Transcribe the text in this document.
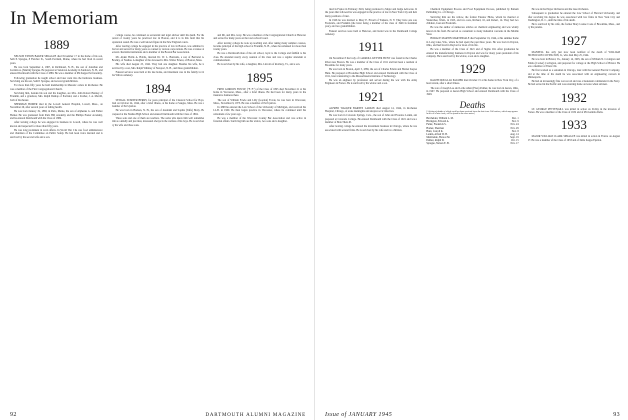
In Memoriam
1889

NELSON EDWIN BAKER SPRAGUE died November 17 in the home of his son, Seth P. Sprague, 8 Fletcher St., South Portland, Maine, where he had lived in recent years.

He was born September 4, 1867, in Richmond, N. H., the son of Jonathan and Lucinda A. (Martin) Sprague. He prepared at Sandown Academy in Sandown, N. H., and entered Dartmouth with the Class of 1889. He was a member of Phi Kappa Psi fraternity.

Following graduation he taught school and later went into the hardware business. Surviving are his son, Seth P. Sprague, and several grandchildren.

For more than fifty years he held membership in Masonic orders in Rochester. He was a member of the First Congregational Church.

Surviving him, besides his son and his daughter, are Mrs. John Robert Henney of Franklin, and a grandson, Mrs. Ralph Dunlap of Portland, and a brother, J. A. Merrill, both of Rochester.

SHERMAN HOMER died in the Lowell General Hospital, Lowell, Mass., on November 29, after several years of failing health.

He was born January 19, 1868, in Paris, Maine, the son of Alphenus G. and Esther Homer. He was graduated from Paris Hill Academy and the Phillips Exeter Academy, and he entered Dartmouth with the Class of 1889.

After leaving college he was engaged in business in Lowell, where he was well known and respected for more than fifty years.

He was long prominent in town affairs. In World War I he was food administrator and chairman of the Committee on Public Safety. He had been twice married and is survived by his second wife and a son.

college course, he continued as secretarial and legal adviser until his death. For the period of twenty years he practiced law in Boston, and it is in this field that his reputation rested. He was a well known figure in the New England courts.

After leaving college he engaged in the practice of law in Boston, was admitted to the bar and served for many years as counsel to various corporations. He was a trustee of several charitable institutions and a member of the Boston Bar Association.

Mr. Alden Hollis A. Hobbs, married Dr. W. L. Burnside, a son of Bertrand A. Bradley, of Nashua. A daughter of the deceased is Mrs. Walter Ernest, of Boston, Mass.

His wife died August 25, 1942. They had one daughter. Besides his wife, he is survived by a son, Mrs. Ralph Whitney of Newport, N. H., and three grandchildren.

Funeral services were held at his late home, and interment was in the family lot in the Wilton cemetery.

1894

SEWALL SUMNER BERRY, for years principal of the Classical School for Boys, died on October 24, 1944, after a brief illness, at his home at Saugus, Mass. He was a member of Psi Upsilon.

He was born in Hudson, N. H., the son of Jeremiah and Sophia (Tufts) Berry. He prepared at the Nashua High School and entered Dartmouth with the Class of 1894.

Three sons and one of them are teachers. The some who knew him well remember him as a kindly and just man, interested always in the welfare of his boys. He is survived by his wife and three sons.

and Mr. and Mrs. Gray. He was a member of the Congregational Church at Hanover and served for many years on the town school board.

After leaving college he took up teaching and, after taking many summer courses, became principal of the high school at Franklin, N. H., where he remained for more than twenty years.

He was a Dartmouth man of the old school, loyal to the College and faithful to his class. He attended nearly every reunion of his class and was a regular attendant at commencement.

He is survived by his wife, a daughter, Mrs. Lincoln of Roxbury, Vt., and a son.

1895

FRED GORDON FOWLE ("F. F.") of the Class of 1895 died November 21 at his home in Worcester, Mass., after a brief illness. He had been for many years in the insurance business there.

The son of William Fowle and Lilly (Gordon) Fowle, he was born in Worcester, Mass., November 9, 1873. He was a member of Psi Upsilon.

In 1898 he entered the Law School of the University of Michigan, and received his LL.B. in 1900. He then began practice in Worcester, where he continued until his retirement a few years ago.

He was a member of the Worcester County Bar Association and was active in fraternal affairs. Surviving him are his widow, two sons and a daughter.

92	DARTMOUTH ALUMNI MAGAZINE

tired in France in February 1919, being promoted to Major and Judge Advocate. In the years that followed he was engaged in the practice of law in New York City and held many positions of trust.

In 1926 he was married to Mary E. Elwell of Yonkers, N. Y. They have one son, Frederick, and Franklin (the latter being a member of the class of 1946 in freshman year), and two grandchildren.

Funeral services were held at Hanover, and burial was in the Dartmouth College cemetery.

1911

On November 8 the body of CARROLL KEYSER HUNT was found in the Charles River near Boston. He was a member of the Class of 1911 and had been a resident of Brookline for many years.

He was born in Boston, April 5, 1889, the son of Charles Edwin and Harriet Keyser Hunt. He prepared at Brookline High School and entered Dartmouth with the Class of 1911, later transferring to the Massachusetts Institute of Technology.

He was an engineer by profession and served during the war with the Army Engineers in France. He is survived by his widow and a son.

1921

ALFRED WALKER BARNES LARKIN died August 14, 1944, in Rochester Hospital, Chicago, of acute meningitis and streptococcic infection.

He was born in Colorado Springs, Colo., the son of John and Florence Larkin, and prepared at Colorado College. He entered Dartmouth with the Class of 1921 and was a member of Beta Theta Pi.

After leaving college he entered the investment business in Chicago, where he was associated with several firms. He is survived by his wife and two children.

Chemical Equipment Process and Food Equipment Process, published by Putnam Publishing Co. of Chicago.

Surviving him are his widow, the former Eleanor Hicks, whom he married at Wenatchee, Wash., in 1925, and two sons, Richard, 16, and Robert, 14. They had two children, Joan and Frederick.

He was the author of numerous articles on chemical engineering and was widely known in his field. He served as consultant to many industrial concerns in the Middle West.

HORACE MARTIN MARTINDALE died September 19, 1944, at his summer home in Long Lake, Wis., where he had spent the past three years. He was born in Dayton, Ohio, and had lived in Dayton for most of his life.

He was a member of the Class of 1921 and of Sigma Chi. After graduation he entered the manufacturing business in Dayton and was for many years president of his company. He is survived by his widow, a son and a daughter.

1929

RALPH DOUGLAS PALMER died October 15 at his home in New York City, of a heart attack, after a short illness.

The son of Joseph Lee and Lottie Allen (Fries) Palmer, he was born in Akron, Ohio, in 1907. He prepared at Akron High School and entered Dartmouth with the Class of 1929.

Deaths
[A listing of deaths of which word has been received since the last issue. Full notices, which may appear in this or a later issue, will be found in the class notes.]
Batchelder, William L. M.	Dec. 1
Blomgren, Edward A.	Nov. 9
Fuller, Frederick S.	Nov. 24
Homer, Sherman	Nov. 29
Hunt, Carroll K.	Nov. 8
Larkin, Alfred W. B.	Aug. 14
Martindale, Horace M.	Sept. 19
Palmer, Ralph D.	Oct. 15
Sprague, Nelson E. B.	Nov. 17

He was in the Player Orchestra and the Glee Orchestra.

Subsequent to graduation he entered the Law School of Harvard University, and after receiving his degree he was associated with law firms in New York City and Washington, D. C., until the time of his death.

He is survived by his wife, the former Mary Louise Cook of Brookline, Mass., and by his parents.

1927

MANSELL has only just now been notified of the death of WILLIAM NICHOLSON COVINGTON, Jr., who died May 25, 1944.

He was born in Bristol, Va., January 14, 1905, the son of William N. Covington and Emma (Corner) Covington, and prepared for college at the High School of Bristol. He was a member of Theta Chi.

He first worked as a salesman in Chicago, later with the General Electric Company, and at the time of his death he was associated with an engineering concern in Minneapolis.

He had an increasingly fine war record and was a lieutenant commander in the Navy. He had served in the Pacific and was returning home on leave when stricken.

1932

LT. GEORGE PETTENGILL was killed in action on D-Day in the invasion of France. He was a member of the Class of 1932 and of Phi Gamma Delta.

1933

MAJOR WILLIAM CLARK SPRAGUE was killed in action in France on August 27. He was a member of the Class of 1933 and of Delta Kappa Epsilon.

Issue of JANUARY 1945	93
